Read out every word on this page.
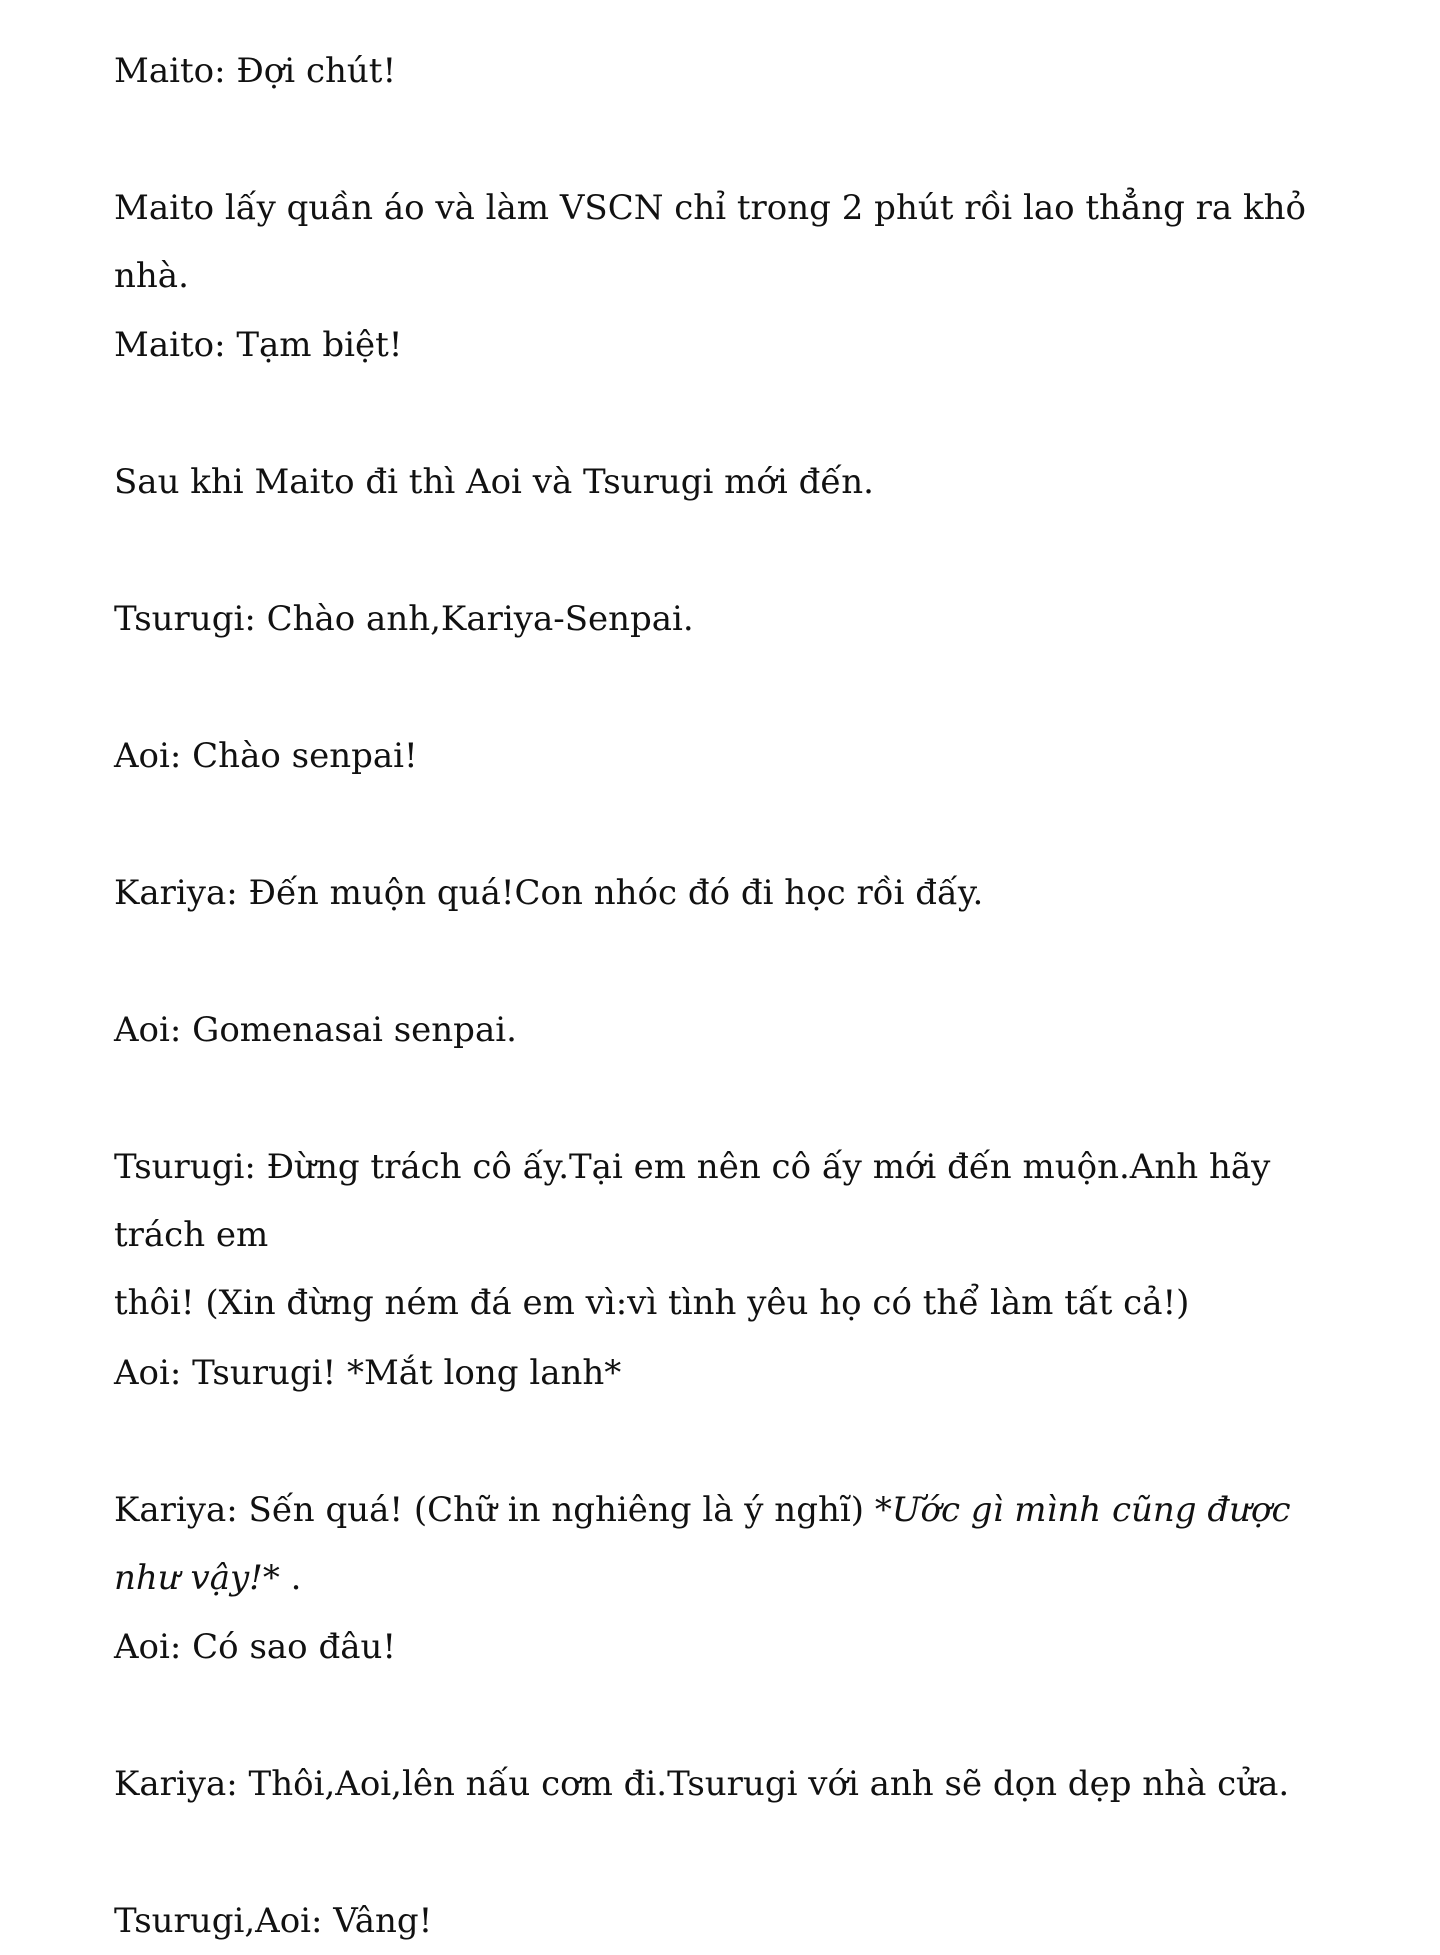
Maito: Đợi chút!

Maito lấy quần áo và làm VSCN chỉ trong 2 phút rồi lao thẳng ra khỏ nhà.

Maito: Tạm biệt!

Sau khi Maito đi thì Aoi và Tsurugi mới đến.

Tsurugi: Chào anh,Kariya-Senpai.

Aoi: Chào senpai!

Kariya: Đến muộn quá!Con nhóc đó đi học rồi đấy.

Aoi: Gomenasai senpai.

Tsurugi: Đừng trách cô ấy.Tại em nên cô ấy mới đến muộn.Anh hãy trách em
thôi! (Xin đừng ném đá em vì:vì tình yêu họ có thể làm tất cả!)

Aoi: Tsurugi! *Mắt long lanh*

Kariya: Sến quá! (Chữ in nghiêng là ý nghĩ) *Ước gì mình cũng được như vậy!* .

Aoi: Có sao đâu!

Kariya: Thôi,Aoi,lên nấu cơm đi.Tsurugi với anh sẽ dọn dẹp nhà cửa.

Tsurugi,Aoi: Vâng!
